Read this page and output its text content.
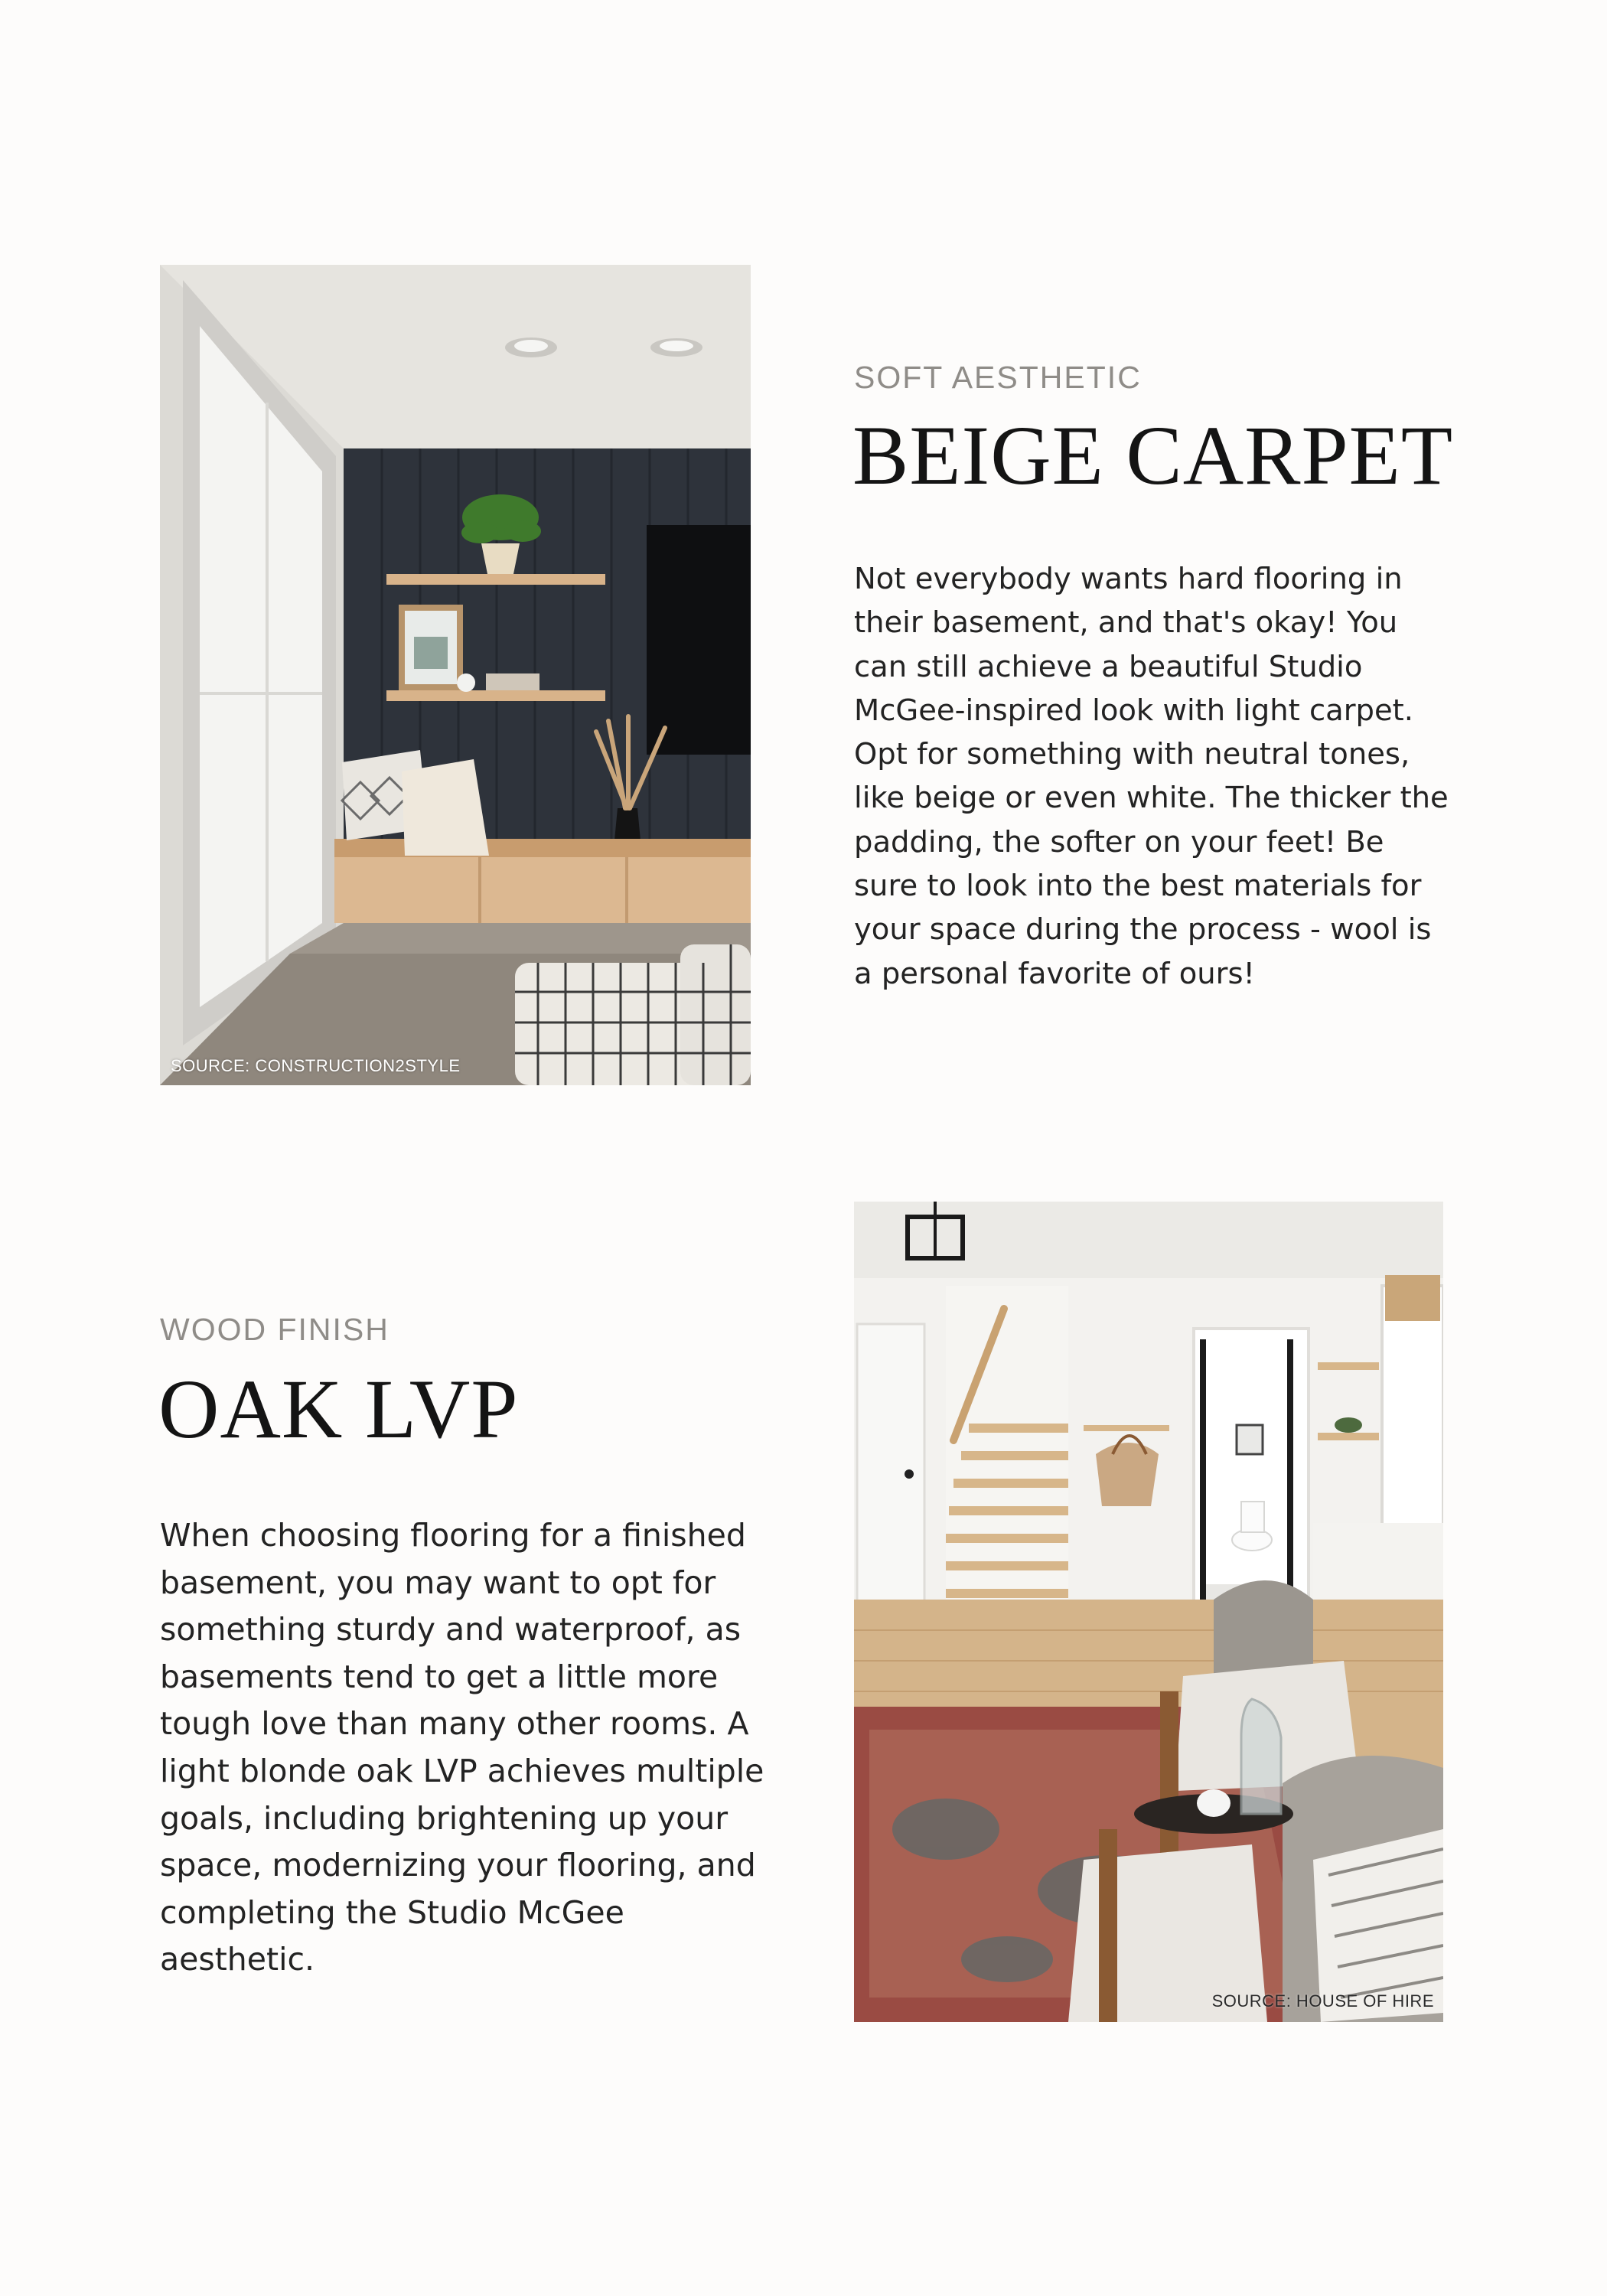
SOURCE: CONSTRUCTION2STYLE
SOFT AESTHETIC
BEIGE CARPET

Not everybody wants hard flooring in their basement, and that's okay! You can still achieve a beautiful Studio McGee-inspired look with light carpet. Opt for something with neutral tones, like beige or even white. The thicker the padding, the softer on your feet! Be sure to look into the best materials for your space during the process - wool is a personal favorite of ours!

WOOD FINISH
OAK LVP

When choosing flooring for a finished basement, you may want to opt for something sturdy and waterproof, as basements tend to get a little more tough love than many other rooms. A light blonde oak LVP achieves multiple goals, including brightening up your space, modernizing your flooring, and completing the Studio McGee aesthetic.

SOURCE: HOUSE OF HIRE
